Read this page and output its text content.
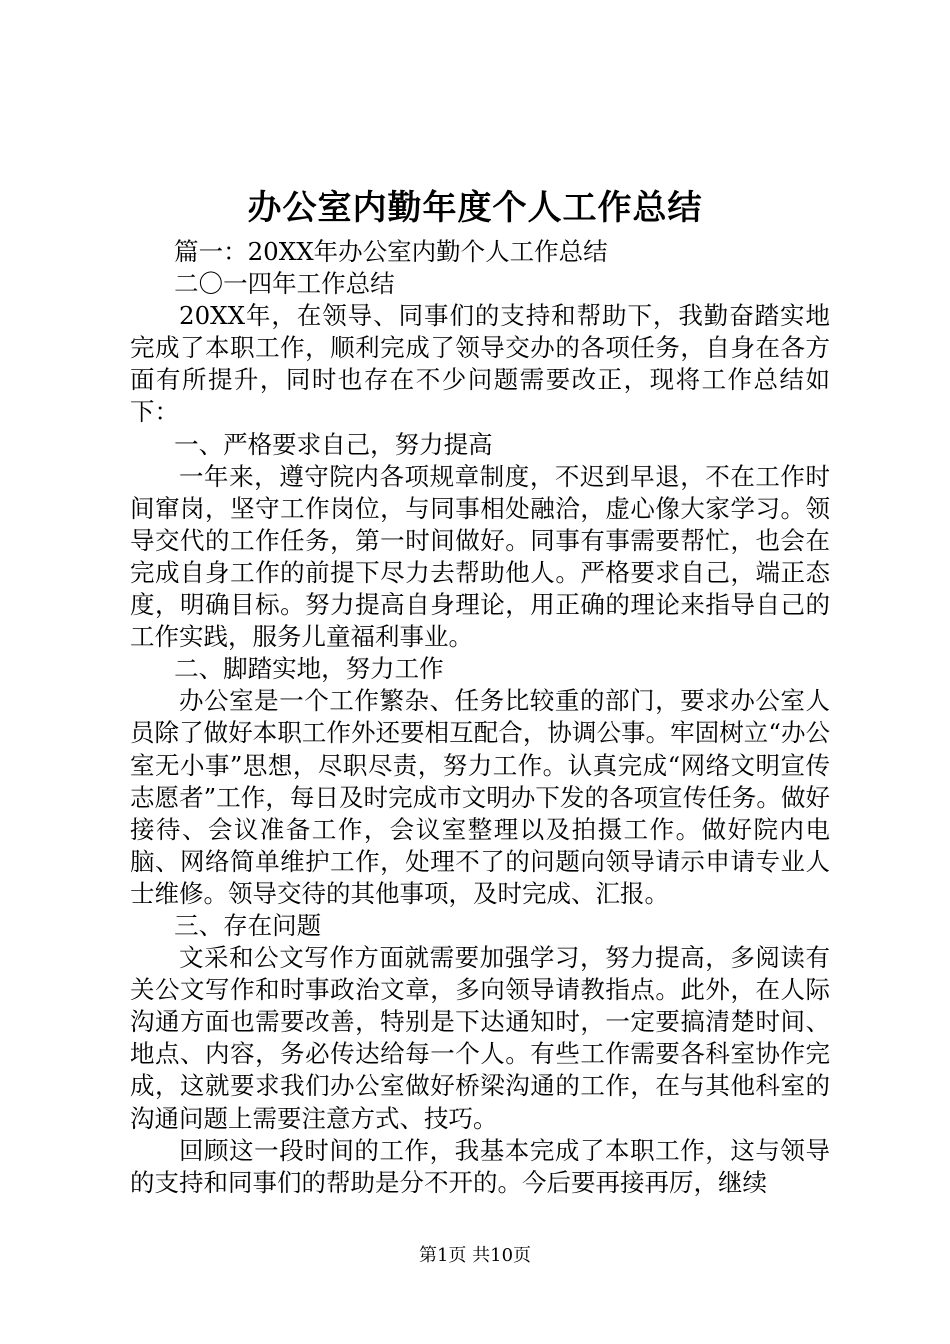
办公室内勤年度个人工作总结

篇一：20XX年办公室内勤个人工作总结

二〇一四年工作总结

20XX年，在领导、同事们的支持和帮助下，我勤奋踏实地完成了本职工作，顺利完成了领导交办的各项任务，自身在各方面有所提升，同时也存在不少问题需要改正，现将工作总结如下：

一、严格要求自己，努力提高

一年来，遵守院内各项规章制度，不迟到早退，不在工作时间窜岗，坚守工作岗位，与同事相处融洽，虚心像大家学习。领导交代的工作任务，第一时间做好。同事有事需要帮忙，也会在完成自身工作的前提下尽力去帮助他人。严格要求自己，端正态度，明确目标。努力提高自身理论，用正确的理论来指导自己的工作实践，服务儿童福利事业。

二、脚踏实地，努力工作

办公室是一个工作繁杂、任务比较重的部门，要求办公室人员除了做好本职工作外还要相互配合，协调公事。牢固树立“办公室无小事”思想，尽职尽责，努力工作。认真完成“网络文明宣传志愿者”工作，每日及时完成市文明办下发的各项宣传任务。做好接待、会议准备工作，会议室整理以及拍摄工作。做好院内电脑、网络简单维护工作，处理不了的问题向领导请示申请专业人士维修。领导交待的其他事项，及时完成、汇报。

三、存在问题

文采和公文写作方面就需要加强学习，努力提高，多阅读有关公文写作和时事政治文章，多向领导请教指点。此外，在人际沟通方面也需要改善，特别是下达通知时，一定要搞清楚时间、地点、内容，务必传达给每一个人。有些工作需要各科室协作完成，这就要求我们办公室做好桥梁沟通的工作，在与其他科室的沟通问题上需要注意方式、技巧。

回顾这一段时间的工作，我基本完成了本职工作，这与领导的支持和同事们的帮助是分不开的。今后要再接再厉，继续

第1页 共10页
